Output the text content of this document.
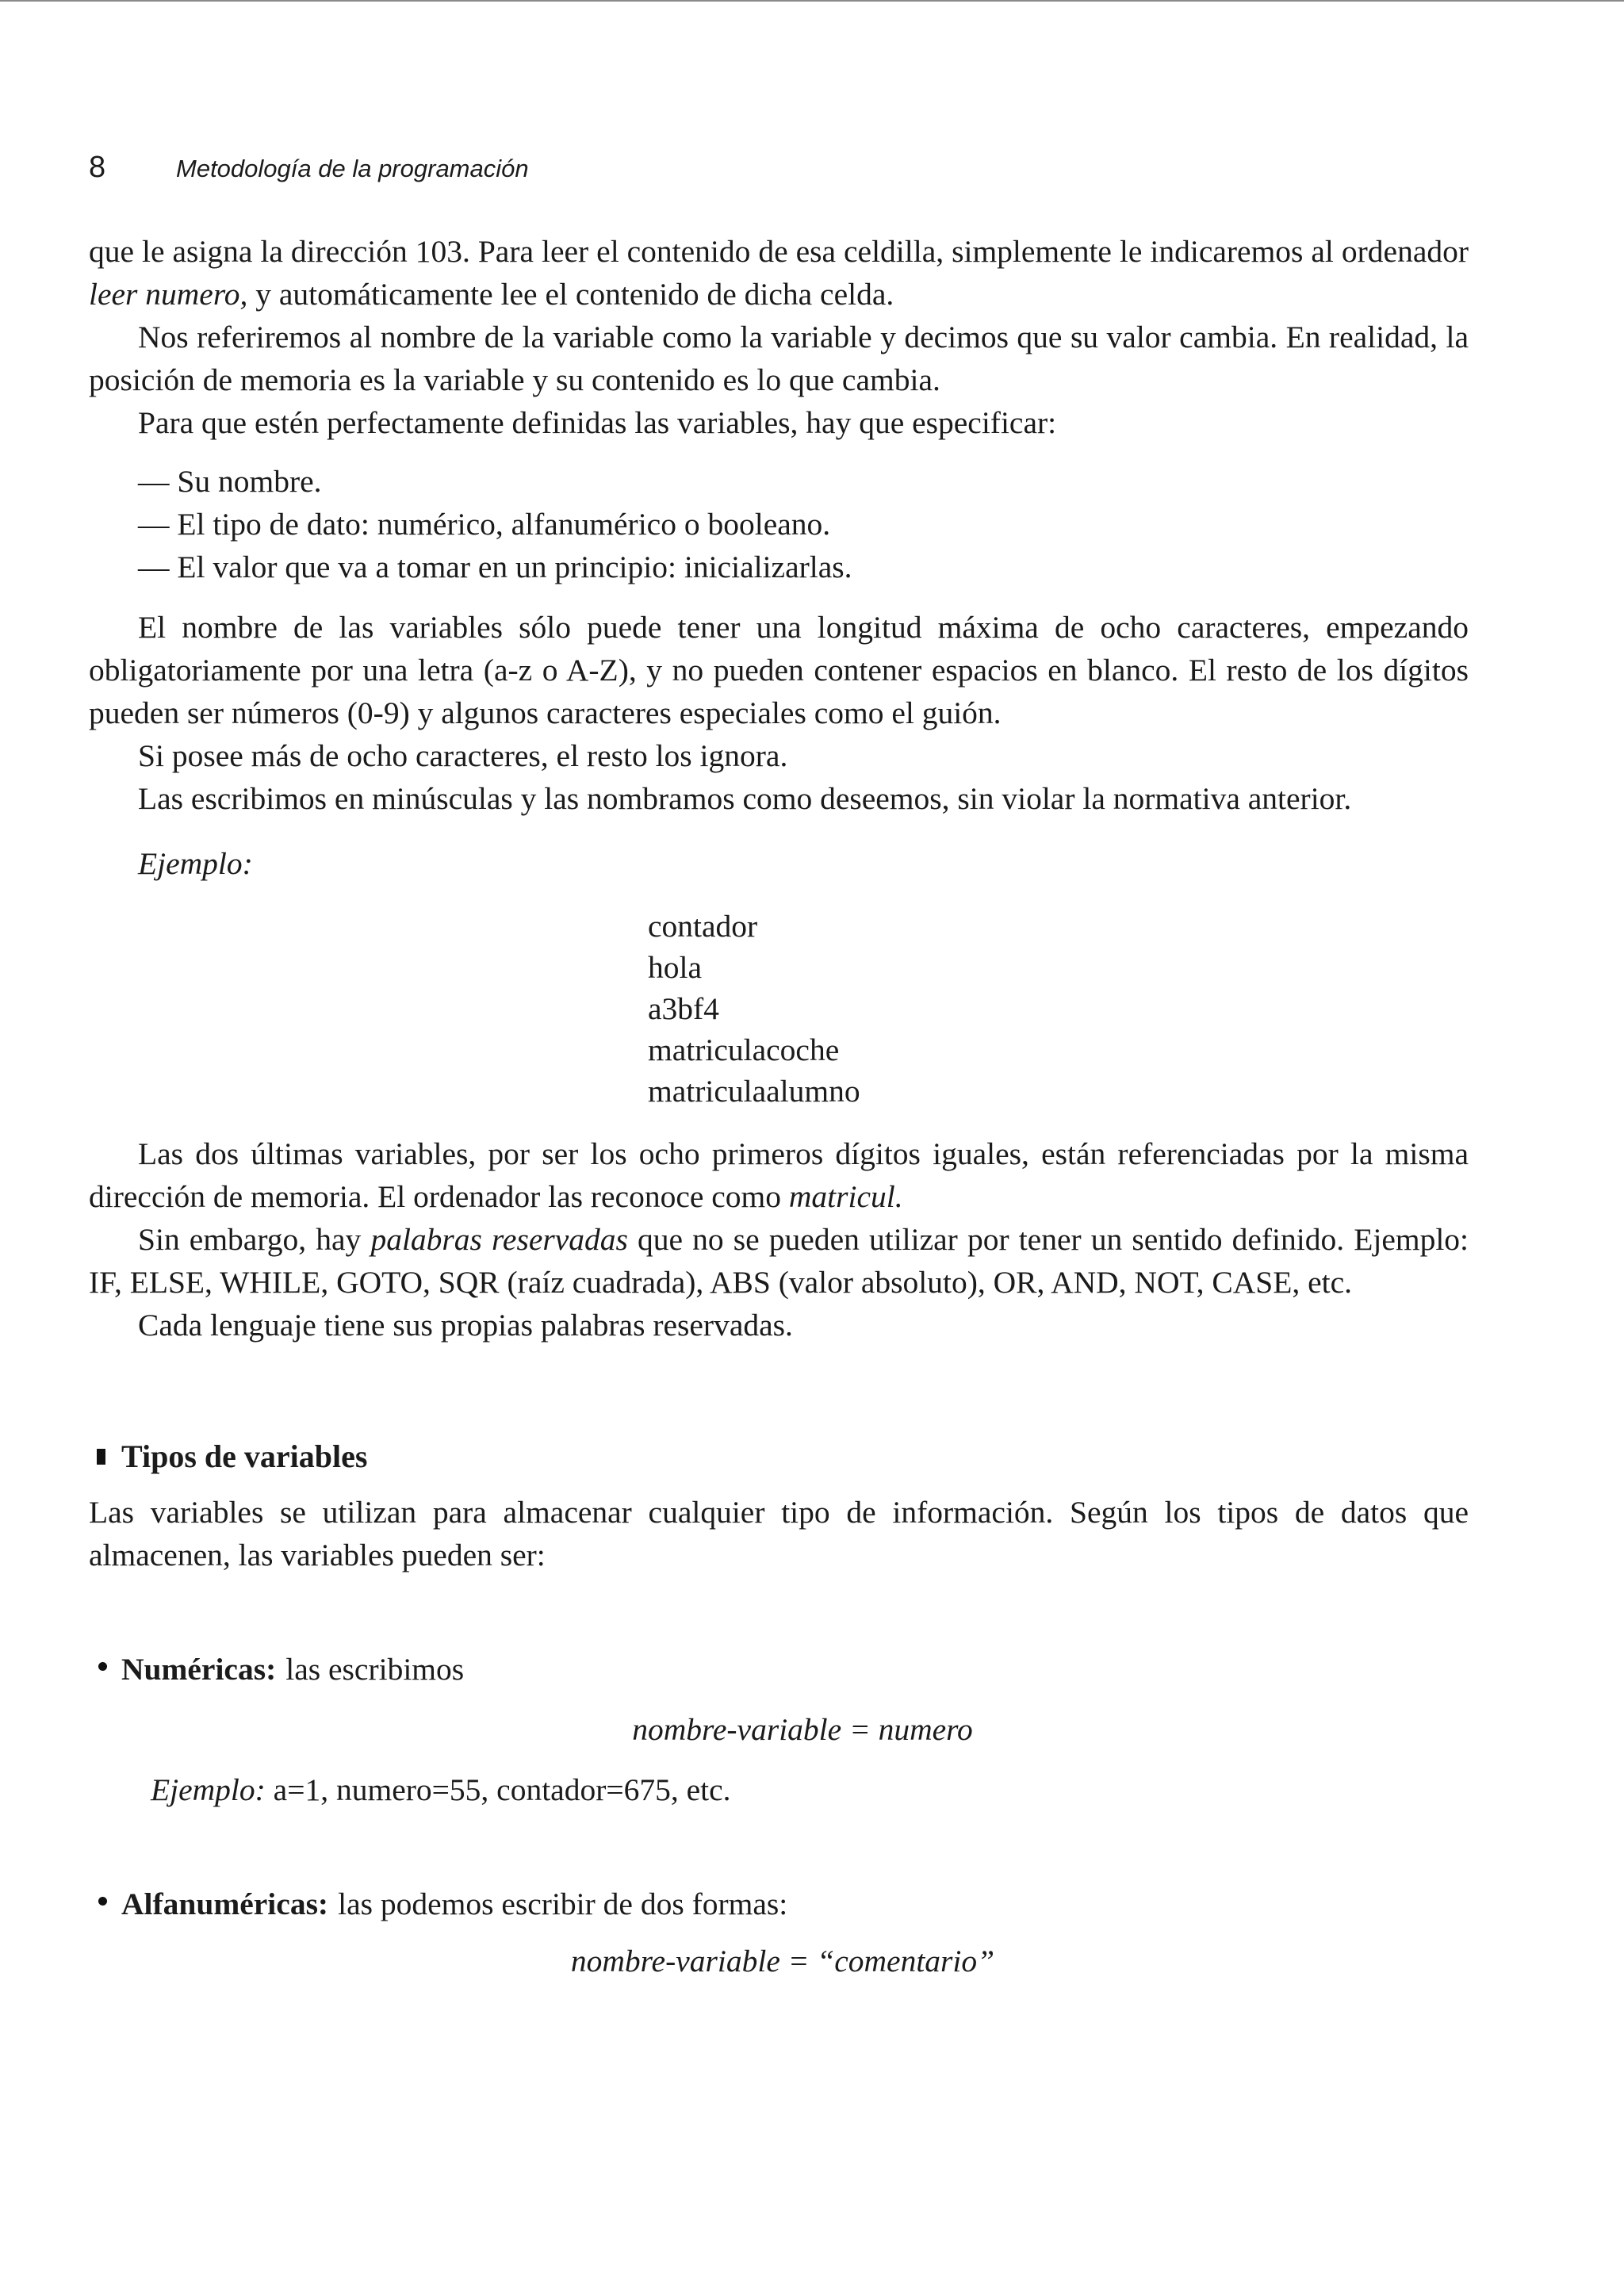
8	Metodología de la programación

que le asigna la dirección 103. Para leer el contenido de esa celdilla, simplemente le indicaremos al ordenador leer numero, y automáticamente lee el contenido de dicha celda.

Nos referiremos al nombre de la variable como la variable y decimos que su valor cambia. En realidad, la posición de memoria es la variable y su contenido es lo que cambia.

Para que estén perfectamente definidas las variables, hay que especificar:

— Su nombre.
— El tipo de dato: numérico, alfanumérico o booleano.
— El valor que va a tomar en un principio: inicializarlas.

El nombre de las variables sólo puede tener una longitud máxima de ocho caracteres, empezando obligatoriamente por una letra (a-z o A-Z), y no pueden contener espacios en blanco. El resto de los dígitos pueden ser números (0-9) y algunos caracteres especiales como el guión.

Si posee más de ocho caracteres, el resto los ignora.

Las escribimos en minúsculas y las nombramos como deseemos, sin violar la normativa anterior.

Ejemplo:

contador
hola
a3bf4
matriculacoche
matriculaalumno

Las dos últimas variables, por ser los ocho primeros dígitos iguales, están referenciadas por la misma dirección de memoria. El ordenador las reconoce como matricul.

Sin embargo, hay palabras reservadas que no se pueden utilizar por tener un sentido definido. Ejemplo: IF, ELSE, WHILE, GOTO, SQR (raíz cuadrada), ABS (valor absoluto), OR, AND, NOT, CASE, etc.

Cada lenguaje tiene sus propias palabras reservadas.

Tipos de variables

Las variables se utilizan para almacenar cualquier tipo de información. Según los tipos de datos que almacenen, las variables pueden ser:

Numéricas: las escribimos

nombre-variable = numero

Ejemplo: a=1, numero=55, contador=675, etc.

Alfanuméricas: las podemos escribir de dos formas:

nombre-variable = “comentario”
